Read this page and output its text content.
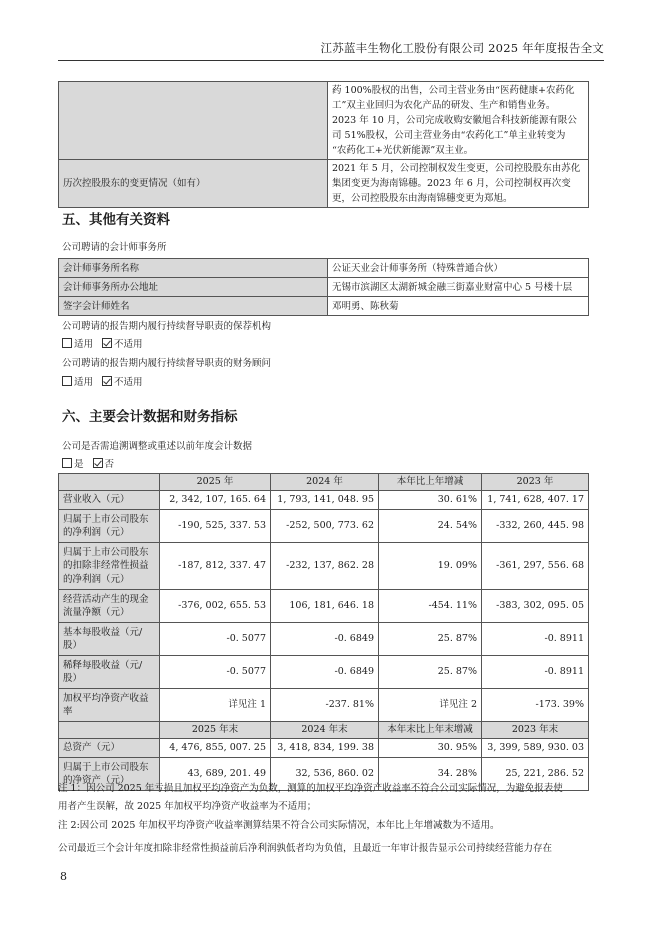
江苏蓝丰生物化工股份有限公司 2025 年年度报告全文

	药 100%股权的出售，公司主营业务由“医药健康+农药化
工”双主业回归为农化产品的研发、生产和销售业务。
2023 年 10 月，公司完成收购安徽旭合科技新能源有限公
司 51%股权，公司主营业务由“农药化工”单主业转变为
“农药化工+光伏新能源”双主业。

历次控股股东的变更情况（如有）	2021 年 5 月，公司控制权发生变更，公司控股股东由苏化
集团变更为海南锦穗。2023 年 6 月，公司控制权再次变
更，公司控股股东由海南锦穗变更为郑旭。
五、其他有关资料
公司聘请的会计师事务所
会计师事务所名称	公证天业会计师事务所（特殊普通合伙）
会计师事务所办公地址	无锡市滨湖区太湖新城金融三街嘉业财富中心 5 号楼十层
签字会计师姓名	邓明勇、陈秋菊
公司聘请的报告期内履行持续督导职责的保荐机构
适用 不适用
公司聘请的报告期内履行持续督导职责的财务顾问
适用 不适用
六、主要会计数据和财务指标
公司是否需追溯调整或重述以前年度会计数据
是 否
	2025 年	2024 年	本年比上年增减	2023 年

营业收入（元）	2, 342, 107, 165. 64	1, 793, 141, 048. 95	30. 61%	1, 741, 628, 407. 17

归属于上市公司股东
的净利润（元）	-190, 525, 337. 53	-252, 500, 773. 62	24. 54%	-332, 260, 445. 98

归属于上市公司股东
的扣除非经常性损益
的净利润（元）	-187, 812, 337. 47	-232, 137, 862. 28	19. 09%	-361, 297, 556. 68

经营活动产生的现金
流量净额（元）	-376, 002, 655. 53	106, 181, 646. 18	-454. 11%	-383, 302, 095. 05

基本每股收益（元/
股）	-0. 5077	-0. 6849	25. 87%	-0. 8911

稀释每股收益（元/
股）	-0. 5077	-0. 6849	25. 87%	-0. 8911

加权平均净资产收益
率	详见注 1	-237. 81%	详见注 2	-173. 39%
	2025 年末	2024 年末	本年末比上年末增减	2023 年末

总资产（元）	4, 476, 855, 007. 25	3, 418, 834, 199. 38	30. 95%	3, 399, 589, 930. 03

归属于上市公司股东
的净资产（元）	43, 689, 201. 49	32, 536, 860. 02	34. 28%	25, 221, 286. 52
注 1：因公司 2025 年亏损且加权平均净资产为负数，测算的加权平均净资产收益率不符合公司实际情况，为避免报表使
用者产生误解，故 2025 年加权平均净资产收益率为不适用；
注 2:因公司 2025 年加权平均净资产收益率测算结果不符合公司实际情况，本年比上年增减数为不适用。
公司最近三个会计年度扣除非经常性损益前后净利润孰低者均为负值，且最近一年审计报告显示公司持续经营能力存在
8
